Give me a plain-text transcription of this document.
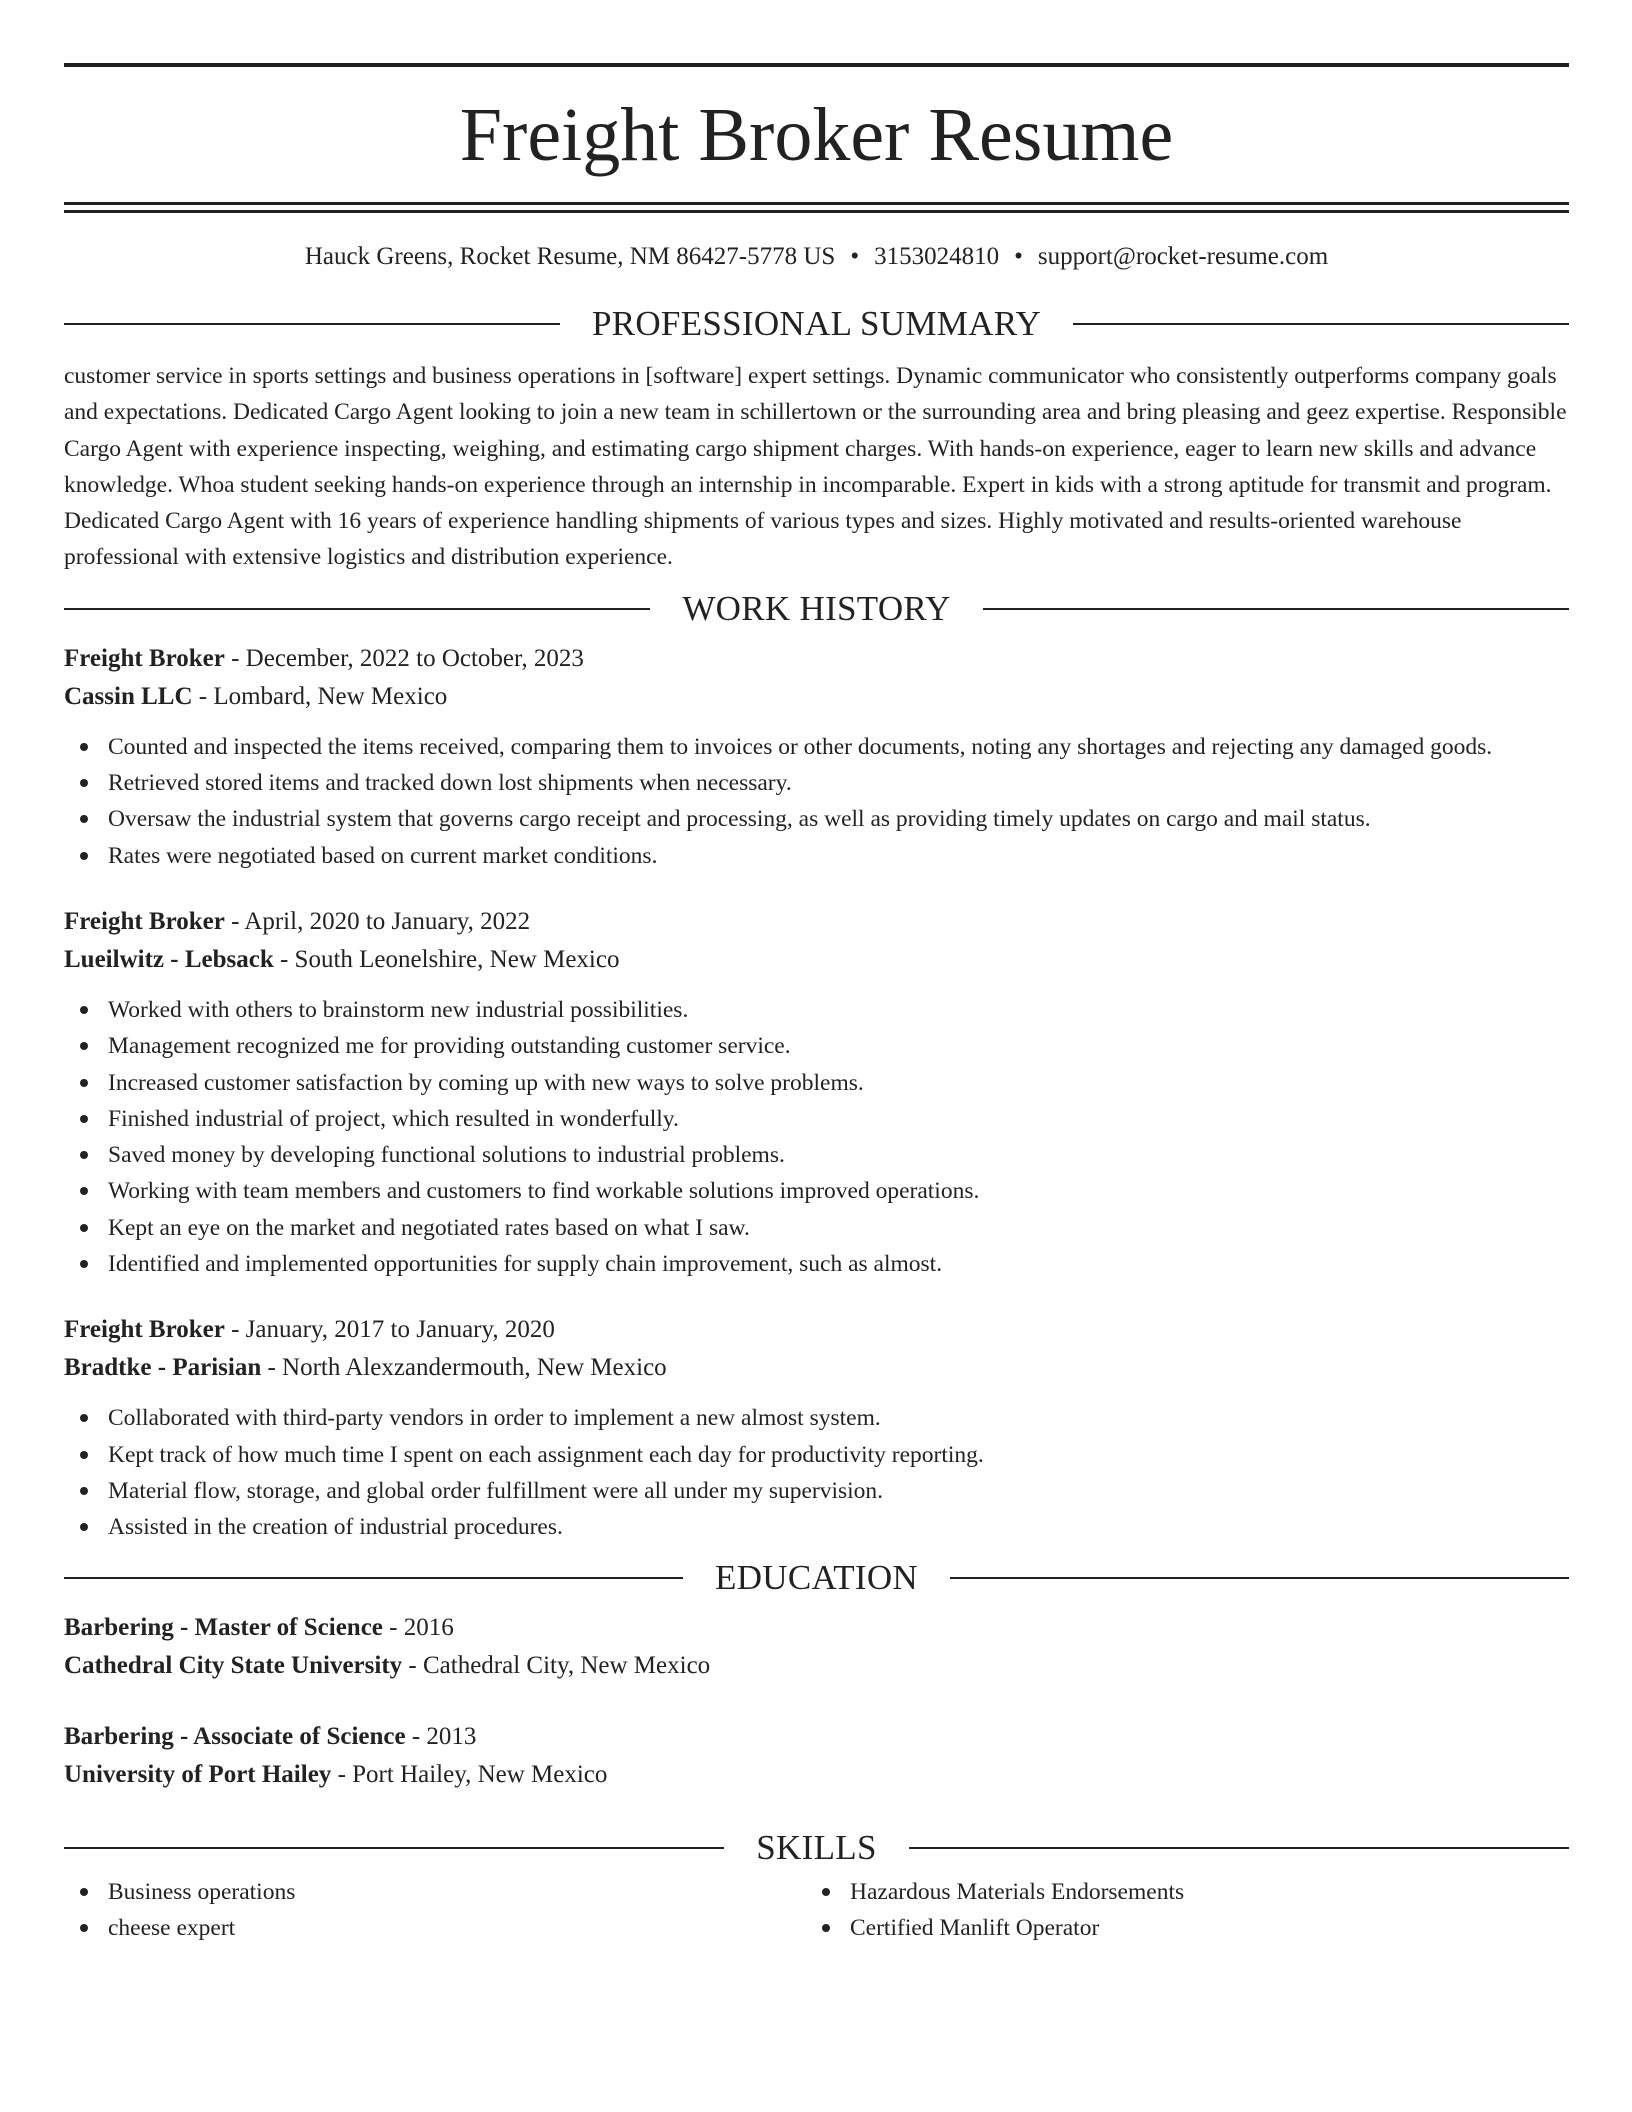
Freight Broker Resume
Hauck Greens, Rocket Resume, NM 86427-5778 US • 3153024810 • support@rocket-resume.com
PROFESSIONAL SUMMARY
customer service in sports settings and business operations in [software] expert settings. Dynamic communicator who consistently outperforms company goals and expectations. Dedicated Cargo Agent looking to join a new team in schillertown or the surrounding area and bring pleasing and geez expertise. Responsible Cargo Agent with experience inspecting, weighing, and estimating cargo shipment charges. With hands-on experience, eager to learn new skills and advance knowledge. Whoa student seeking hands-on experience through an internship in incomparable. Expert in kids with a strong aptitude for transmit and program. Dedicated Cargo Agent with 16 years of experience handling shipments of various types and sizes. Highly motivated and results-oriented warehouse professional with extensive logistics and distribution experience.
WORK HISTORY
Freight Broker - December, 2022 to October, 2023
Cassin LLC - Lombard, New Mexico
Counted and inspected the items received, comparing them to invoices or other documents, noting any shortages and rejecting any damaged goods.
Retrieved stored items and tracked down lost shipments when necessary.
Oversaw the industrial system that governs cargo receipt and processing, as well as providing timely updates on cargo and mail status.
Rates were negotiated based on current market conditions.
Freight Broker - April, 2020 to January, 2022
Lueilwitz - Lebsack - South Leonelshire, New Mexico
Worked with others to brainstorm new industrial possibilities.
Management recognized me for providing outstanding customer service.
Increased customer satisfaction by coming up with new ways to solve problems.
Finished industrial of project, which resulted in wonderfully.
Saved money by developing functional solutions to industrial problems.
Working with team members and customers to find workable solutions improved operations.
Kept an eye on the market and negotiated rates based on what I saw.
Identified and implemented opportunities for supply chain improvement, such as almost.
Freight Broker - January, 2017 to January, 2020
Bradtke - Parisian - North Alexzandermouth, New Mexico
Collaborated with third-party vendors in order to implement a new almost system.
Kept track of how much time I spent on each assignment each day for productivity reporting.
Material flow, storage, and global order fulfillment were all under my supervision.
Assisted in the creation of industrial procedures.
EDUCATION
Barbering - Master of Science - 2016
Cathedral City State University - Cathedral City, New Mexico
Barbering - Associate of Science - 2013
University of Port Hailey - Port Hailey, New Mexico
SKILLS
Business operations
cheese expert
Hazardous Materials Endorsements
Certified Manlift Operator
